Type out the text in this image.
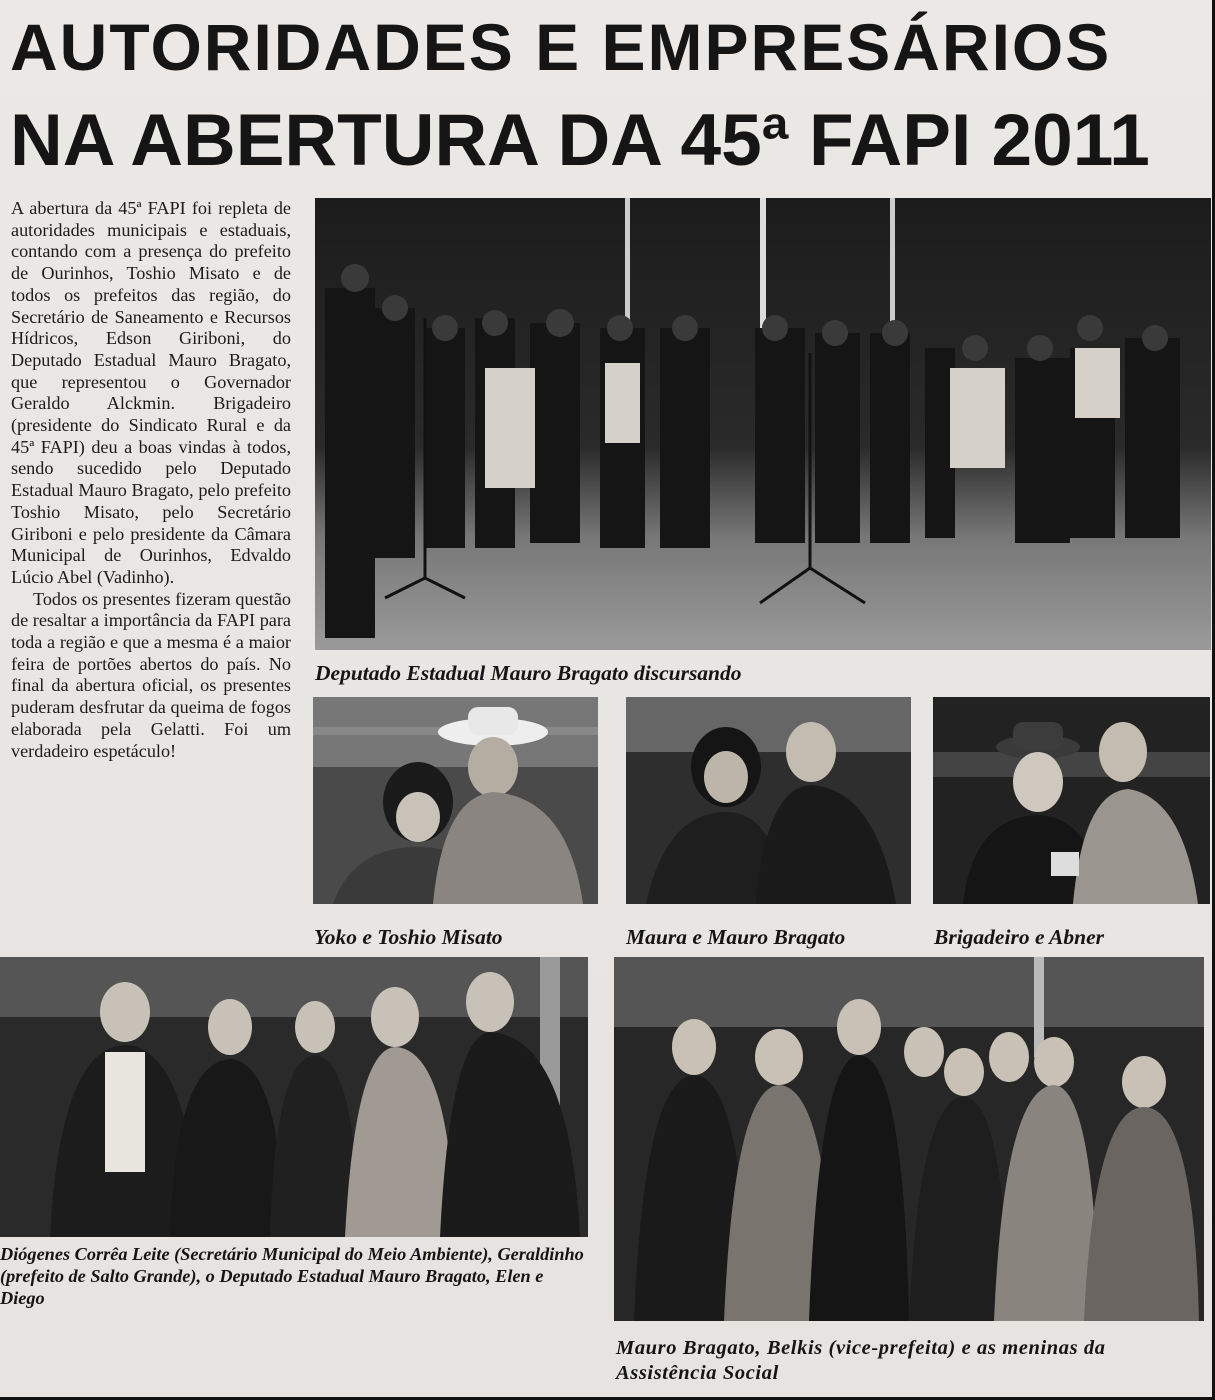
AUTORIDADES E EMPRESÁRIOS
NA ABERTURA DA 45ª FAPI 2011

A abertura da 45ª FAPI foi repleta de autoridades municipais e estaduais, contando com a presença do prefeito de Ourinhos, Toshio Misato e de todos os prefeitos das região, do Secretário de Saneamento e Recursos Hídricos, Edson Giriboni, do Deputado Estadual Mauro Bragato, que representou o Governador Geraldo Alckmin. Brigadeiro (presidente do Sindicato Rural e da 45ª FAPI) deu a boas vindas à todos, sendo sucedido pelo Deputado Estadual Mauro Bragato, pelo prefeito Toshio Misato, pelo Secretário Giriboni e pelo presidente da Câmara Municipal de Ourinhos, Edvaldo Lúcio Abel (Vadinho).

Todos os presentes fizeram questão de resaltar a importância da FAPI para toda a região e que a mesma é a maior feira de portões abertos do país. No final da abertura oficial, os presentes puderam desfrutar da queima de fogos elaborada pela Gelatti. Foi um verdadeiro espetáculo!

Deputado Estadual Mauro Bragato discursando
Yoko e Toshio Misato	Maura e Mauro Bragato	Brigadeiro e Abner
Diógenes Corrêa Leite (Secretário Municipal do Meio Ambiente), Geraldinho (prefeito de Salto Grande), o Deputado Estadual Mauro Bragato, Elen e Diego
Mauro Bragato, Belkis (vice-prefeita) e as meninas da Assistência Social
